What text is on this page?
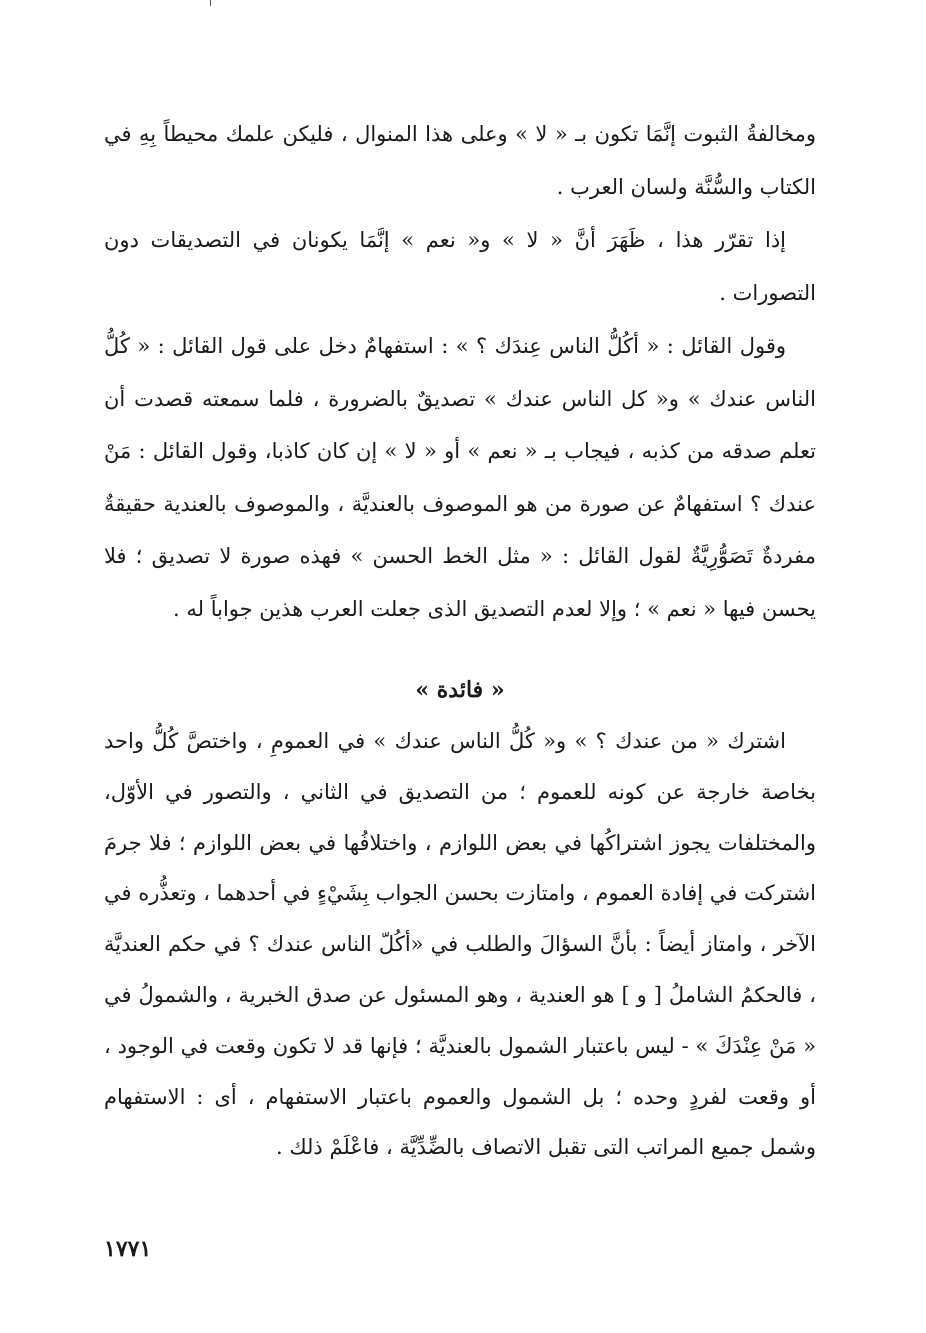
ومخالفةُ الثبوت إنَّمَا تكون بـ « لا » وعلى هذا المنوال ، فليكن علمك محيطاً بِهِ في الكتاب والسُّنَّة ولسان العرب .

إذا تقرّر هذا ، ظَهَرَ أنَّ « لا » و« نعم » إنَّمَا يكونان في التصديقات دون التصورات .

وقول القائل : « أكُلُّ الناس عِندَك ؟ » : استفهامٌ دخل على قول القائل : « كُلُّ الناس عندك » و« كل الناس عندك » تصديقٌ بالضرورة ، فلما سمعته قصدت أن تعلم صدقه من كذبه ، فيجاب بـ « نعم » أو « لا » إن كان كاذبا، وقول القائل : مَنْ عندك ؟ استفهامٌ عن صورة من هو الموصوف بالعنديَّة ، والموصوف بالعندية حقيقةٌ مفردةٌ تَصَوُّرِيَّةٌ لقول القائل : « مثل الخط الحسن » فهذه صورة لا تصديق ؛ فلا يحسن فيها « نعم » ؛ وإلا لعدم التصديق الذى جعلت العرب هذين جواباً له .

« فائدة »

اشترك « من عندك ؟ » و« كُلُّ الناس عندك » في العمومِ ، واختصَّ كُلُّ واحد بخاصة خارجة عن كونه للعموم ؛ من التصديق في الثاني ، والتصور في الأوّل، والمختلفات يجوز اشتراكُها في بعض اللوازم ، واختلافُها في بعض اللوازم ؛ فلا جرمَ اشتركت في إفادة العموم ، وامتازت بحسن الجواب بِشَيْءٍ في أحدهما ، وتعذُّره في الآخر ، وامتاز أيضاً : بأنَّ السؤالَ والطلب في «أكُلّ الناس عندك ؟ في حكم العنديَّة ، فالحكمُ الشاملُ [ و ] هو العندية ، وهو المسئول عن صدق الخبرية ، والشمولُ في « مَنْ عِنْدَكَ » - ليس باعتبار الشمول بالعنديَّة ؛ فإنها قد لا تكون وقعت في الوجود ، أو وقعت لفردٍ وحده ؛ بل الشمول والعموم باعتبار الاستفهام ، أى : الاستفهام وشمل جميع المراتب التى تقبل الاتصاف بالضِّدِّيَّة ، فاعْلَمْ ذلك .

١٧٧١
